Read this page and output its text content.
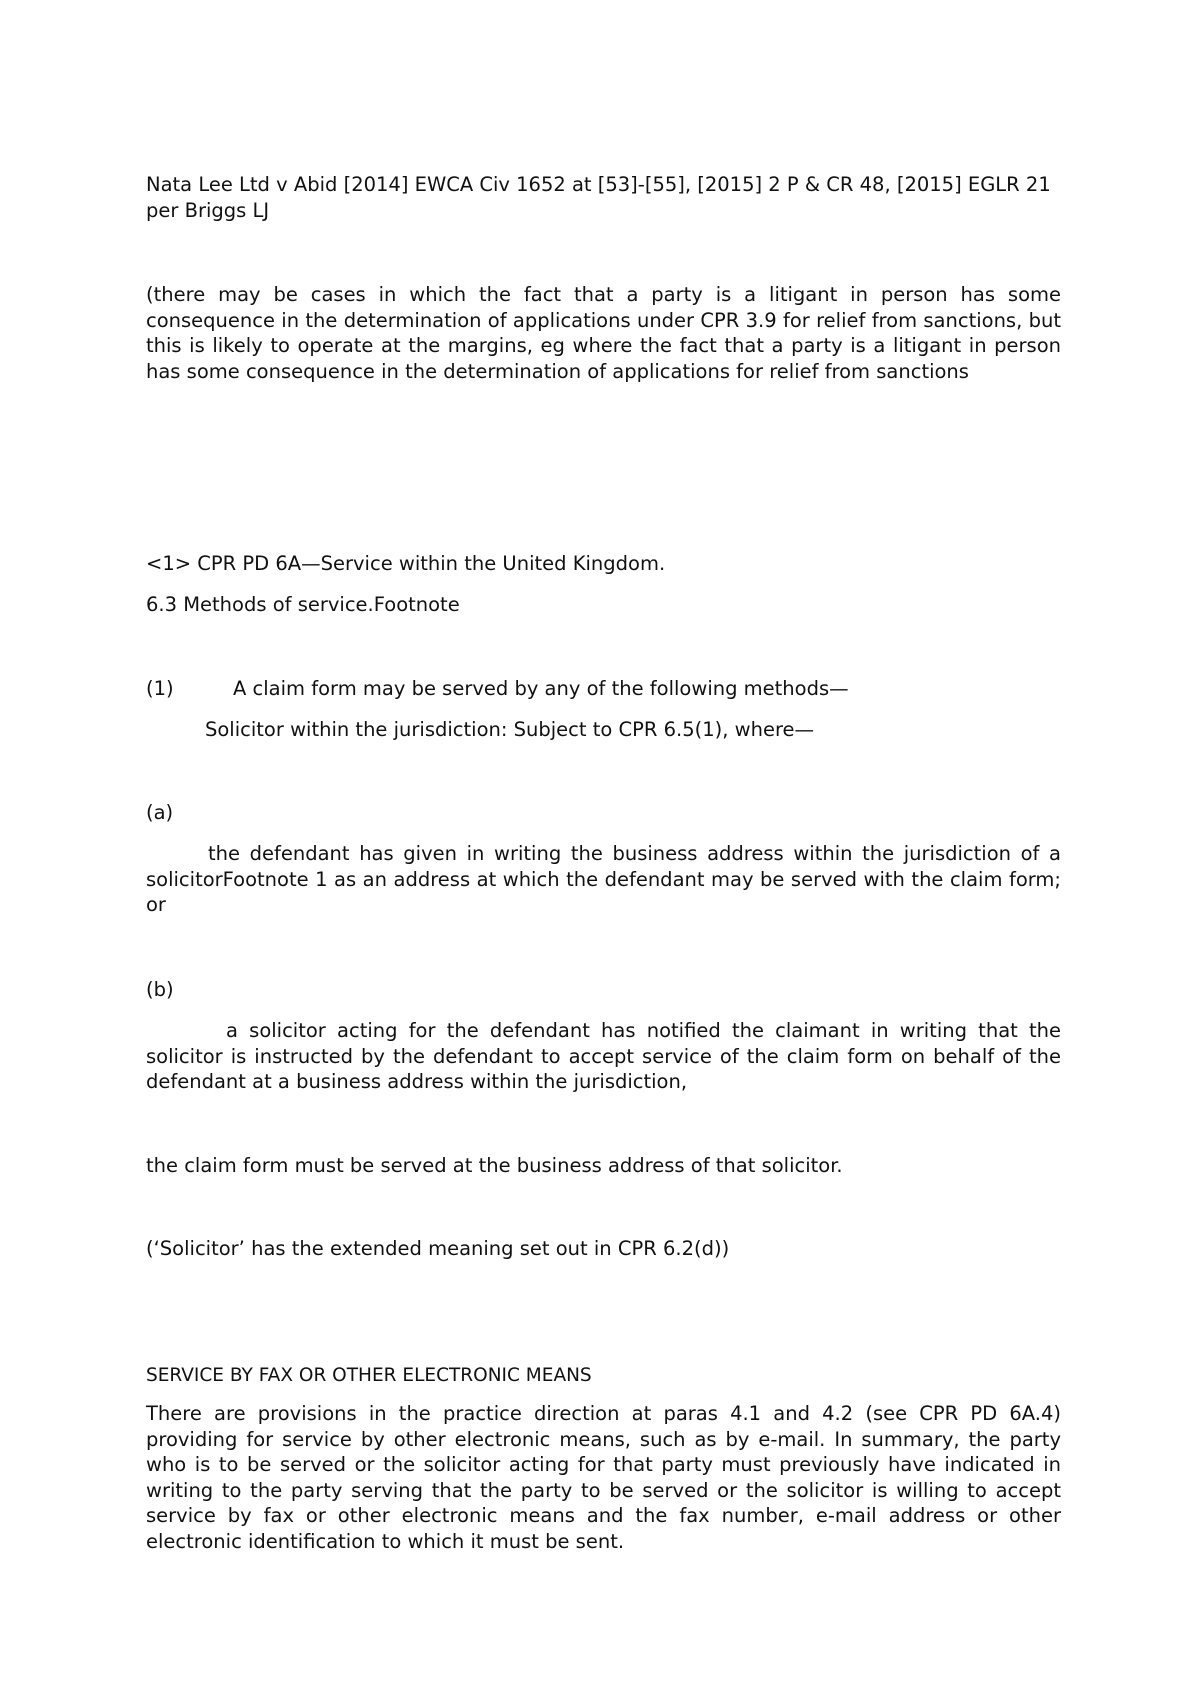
Nata Lee Ltd v Abid [2014] EWCA Civ 1652 at [53]-[55], [2015] 2 P & CR 48, [2015] EGLR 21 per Briggs LJ

(there may be cases in which the fact that a party is a litigant in person has some consequence in the determination of applications under CPR 3.9 for relief from sanctions, but this is likely to operate at the margins, eg where the fact that a party is a litigant in person has some consequence in the determination of applications for relief from sanctions

<1> CPR PD 6A—Service within the United Kingdom.

6.3 Methods of service.Footnote

(1)	A claim form may be served by any of the following methods—

Solicitor within the jurisdiction: Subject to CPR 6.5(1), where—

(a)

the defendant has given in writing the business address within the jurisdiction of a solicitorFootnote 1 as an address at which the defendant may be served with the claim form; or

(b)

a solicitor acting for the defendant has notified the claimant in writing that the solicitor is instructed by the defendant to accept service of the claim form on behalf of the defendant at a business address within the jurisdiction,

the claim form must be served at the business address of that solicitor.

(‘Solicitor’ has the extended meaning set out in CPR 6.2(d))

SERVICE BY FAX OR OTHER ELECTRONIC MEANS

There are provisions in the practice direction at paras 4.1 and 4.2 (see CPR PD 6A.4) providing for service by other electronic means, such as by e-mail. In summary, the party who is to be served or the solicitor acting for that party must previously have indicated in writing to the party serving that the party to be served or the solicitor is willing to accept service by fax or other electronic means and the fax number, e-mail address or other electronic identification to which it must be sent.
